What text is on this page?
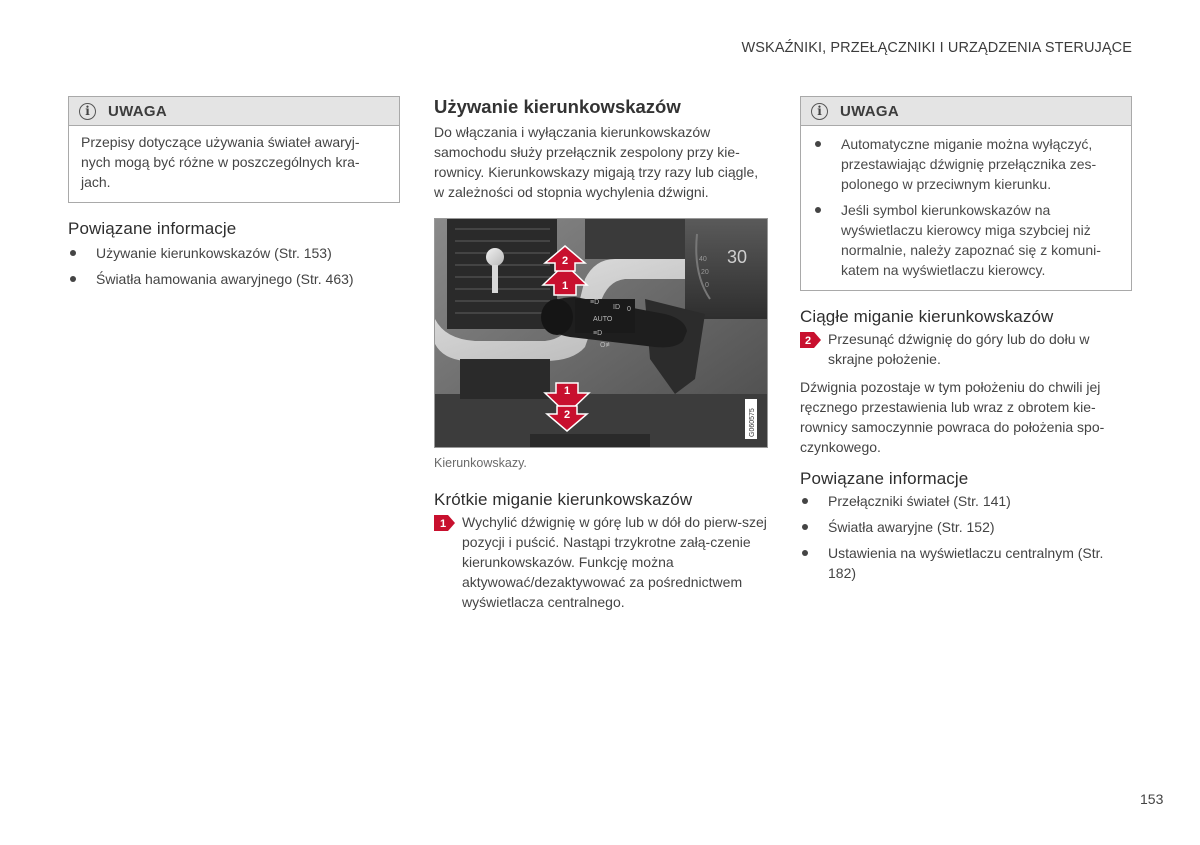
WSKAŹNIKI, PRZEŁĄCZNIKI I URZĄDZENIA STERUJĄCE
i	UWAGA

Przepisy dotyczące używania świateł awaryj-nych mogą być różne w poszczególnych kra-jach.

Powiązane informacje
Używanie kierunkowskazów (Str. 153)
Światła hamowania awaryjnego (Str. 463)
Używanie kierunkowskazów

Do włączania i wyłączania kierunkowskazów samochodu służy przełącznik zespolony przy kie-rownicy. Kierunkowskazy migają trzy razy lub ciągle, w zależności od stopnia wychylenia dźwigni.

30
40
20
0
≡D
ID 0
AUTO
≡D
O≢
2
1
1
2	G060575
Kierunkowskazy.
Krótkie miganie kierunkowskazów
1 Wychylić dźwignię w górę lub w dół do pierw-szej pozycji i puścić. Nastąpi trzykrotne załą-czenie kierunkowskazów. Funkcję można aktywować/dezaktywować za pośrednictwem wyświetlacza centralnego.
i	UWAGA
Automatyczne miganie można wyłączyć, przestawiając dźwignię przełącznika zes-polonego w przeciwnym kierunku.
Jeśli symbol kierunkowskazów na wyświetlaczu kierowcy miga szybciej niż normalnie, należy zapoznać się z komuni-katem na wyświetlaczu kierowcy.
Ciągłe miganie kierunkowskazów
2 Przesunąć dźwignię do góry lub do dołu w skrajne położenie.

Dźwignia pozostaje w tym położeniu do chwili jej ręcznego przestawienia lub wraz z obrotem kie-rownicy samoczynnie powraca do położenia spo-czynkowego.

Powiązane informacje
Przełączniki świateł (Str. 141)
Światła awaryjne (Str. 152)
Ustawienia na wyświetlaczu centralnym (Str. 182)
153
